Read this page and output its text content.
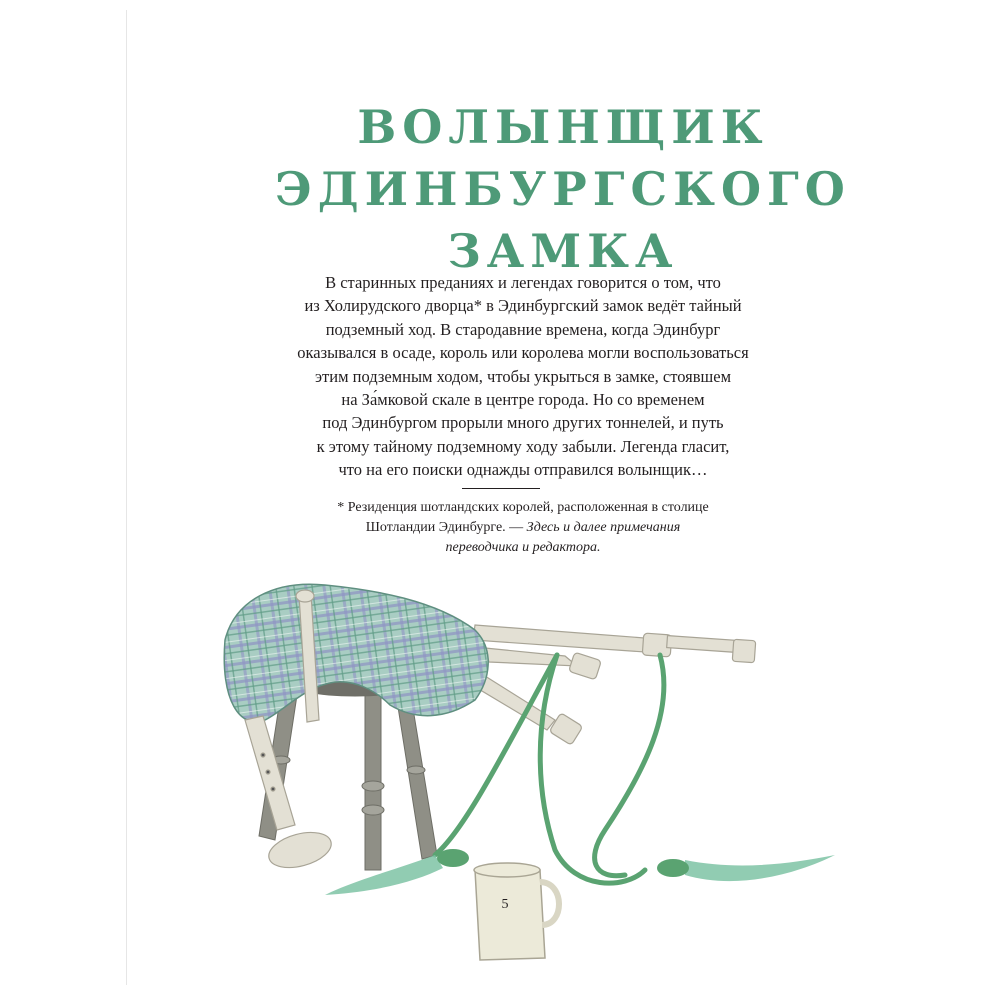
ВОЛЫНЩИК
ЭДИНБУРГСКОГО
ЗАМКА

В старинных преданиях и легендах говорится о том, что
из Холирудского дворца* в Эдинбургский замок ведёт тайный
подземный ход. В стародавние времена, когда Эдинбург
оказывался в осаде, король или королева могли воспользоваться
этим подземным ходом, чтобы укрыться в замке, стоявшем
на За́мковой скале в центре города. Но со временем
под Эдинбургом прорыли много других тоннелей, и путь
к этому тайному подземному ходу забыли. Легенда гласит,
что на его поиски однажды отправился волынщик…

* Резиденция шотландских королей, расположенная в столице
Шотландии Эдинбурге. — Здесь и далее примечания
переводчика и редактора.

5
